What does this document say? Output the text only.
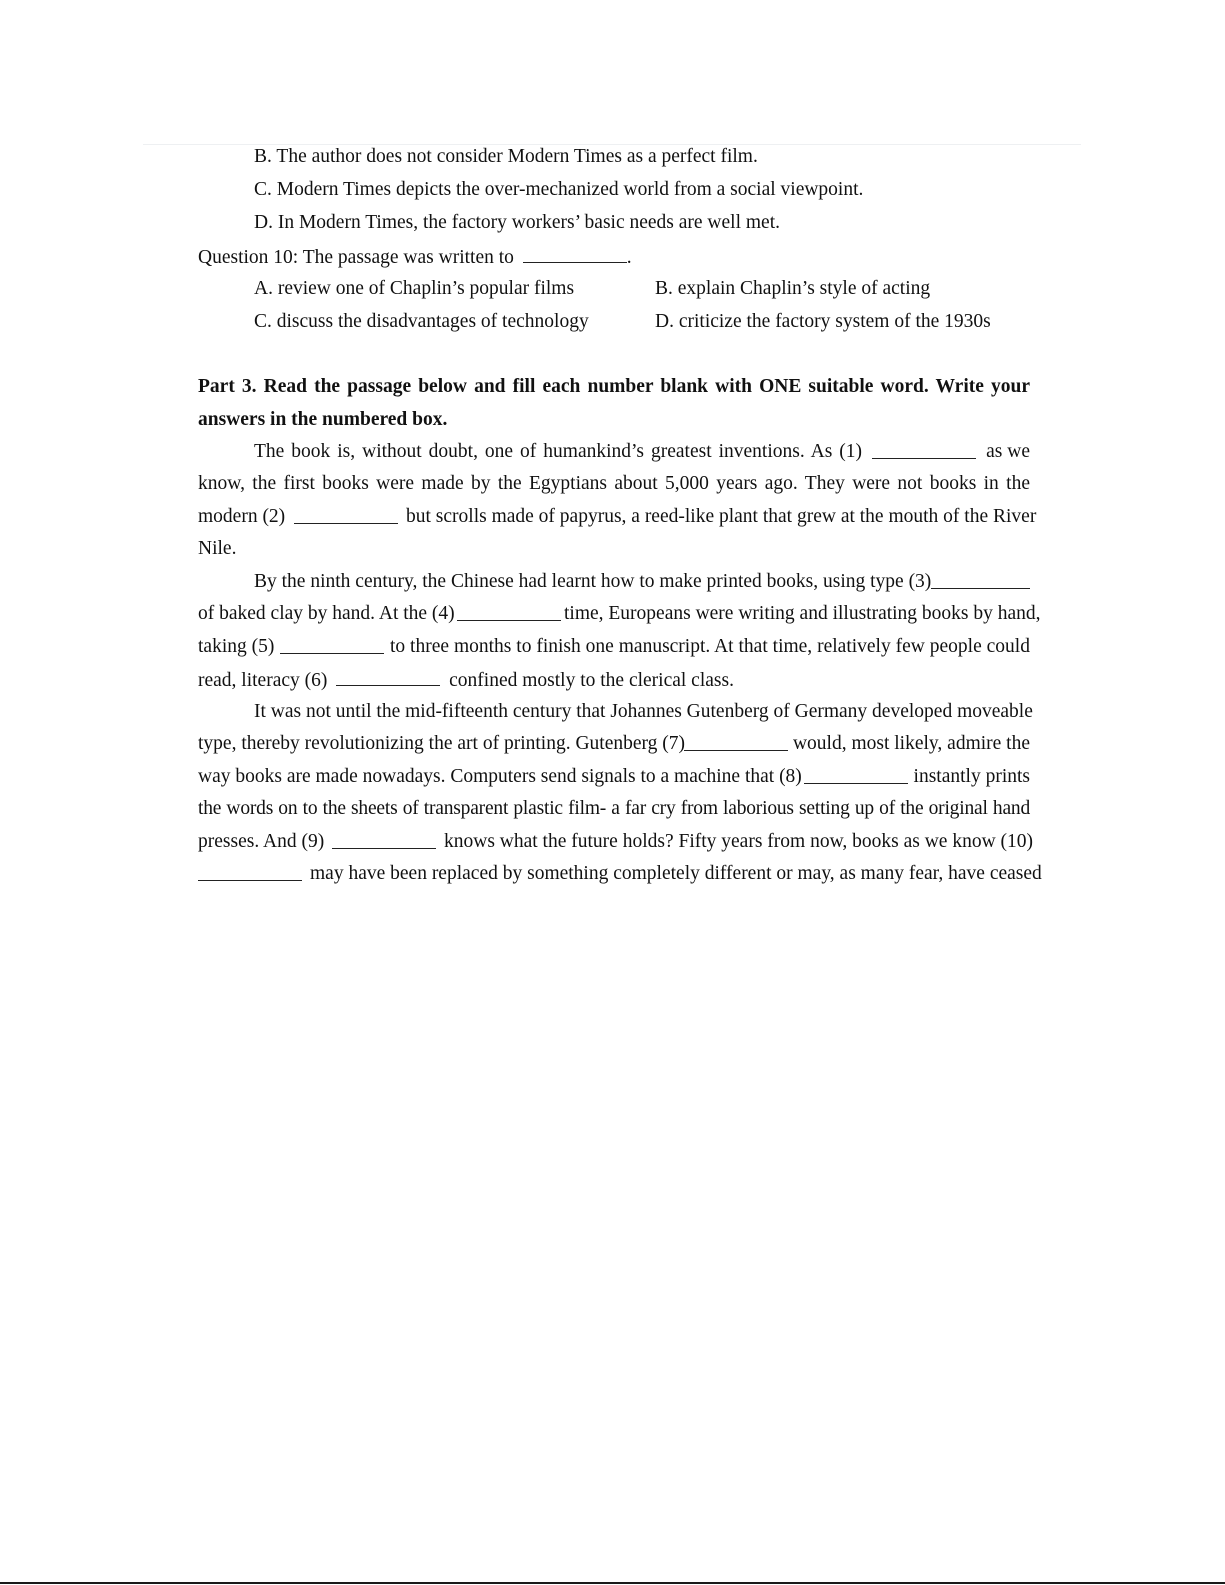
B. The author does not consider Modern Times as a perfect film.
C. Modern Times depicts the over-mechanized world from a social viewpoint.
D. In Modern Times, the factory workers’ basic needs are well met.
Question 10: The passage was written to	.
A. review one of Chaplin’s popular films	B. explain Chaplin’s style of acting
C. discuss the disadvantages of technology	D. criticize the factory system of the 1930s
Part 3. Read the passage below and fill each number blank with ONE suitable word. Write your
answers in the numbered box.
The book is, without doubt, one of humankind’s greatest inventions. As (1)	as we
know, the first books were made by the Egyptians about 5,000 years ago. They were not books in the
modern (2)	but scrolls made of papyrus, a reed-like plant that grew at the mouth of the River
Nile.
By the ninth century, the Chinese had learnt how to make printed books, using type (3)
of baked clay by hand. At the (4)	time, Europeans were writing and illustrating books by hand,
taking (5)	to three months to finish one manuscript. At that time, relatively few people could
read, literacy (6)	confined mostly to the clerical class.
It was not until the mid-fifteenth century that Johannes Gutenberg of Germany developed moveable
type, thereby revolutionizing the art of printing. Gutenberg (7)	would, most likely, admire the
way books are made nowadays. Computers send signals to a machine that (8)	instantly prints
the words on to the sheets of transparent plastic film- a far cry from laborious setting up of the original hand
presses. And (9)	knows what the future holds? Fifty years from now, books as we know (10)
may have been replaced by something completely different or may, as many fear, have ceased
